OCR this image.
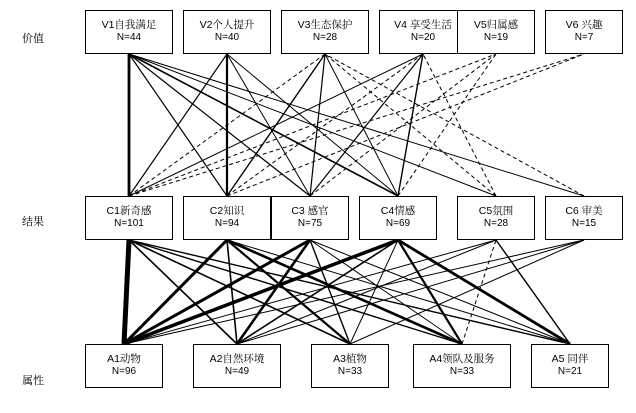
价值
结果
属性
V1自我满足
N=44
V2个人提升
N=40
V3生态保护
N=28
V4 享受生活
N=20
V5归属感
N=19
V6 兴趣
N=7
C1新奇感
N=101
C2知识
N=94
C3 感官
N=75
C4情感
N=69
C5氛围
N=28
C6 审美
N=15
A1动物
N=96
A2自然环境
N=49
A3植物
N=33
A4领队及服务
N=33
A5 同伴
N=21
